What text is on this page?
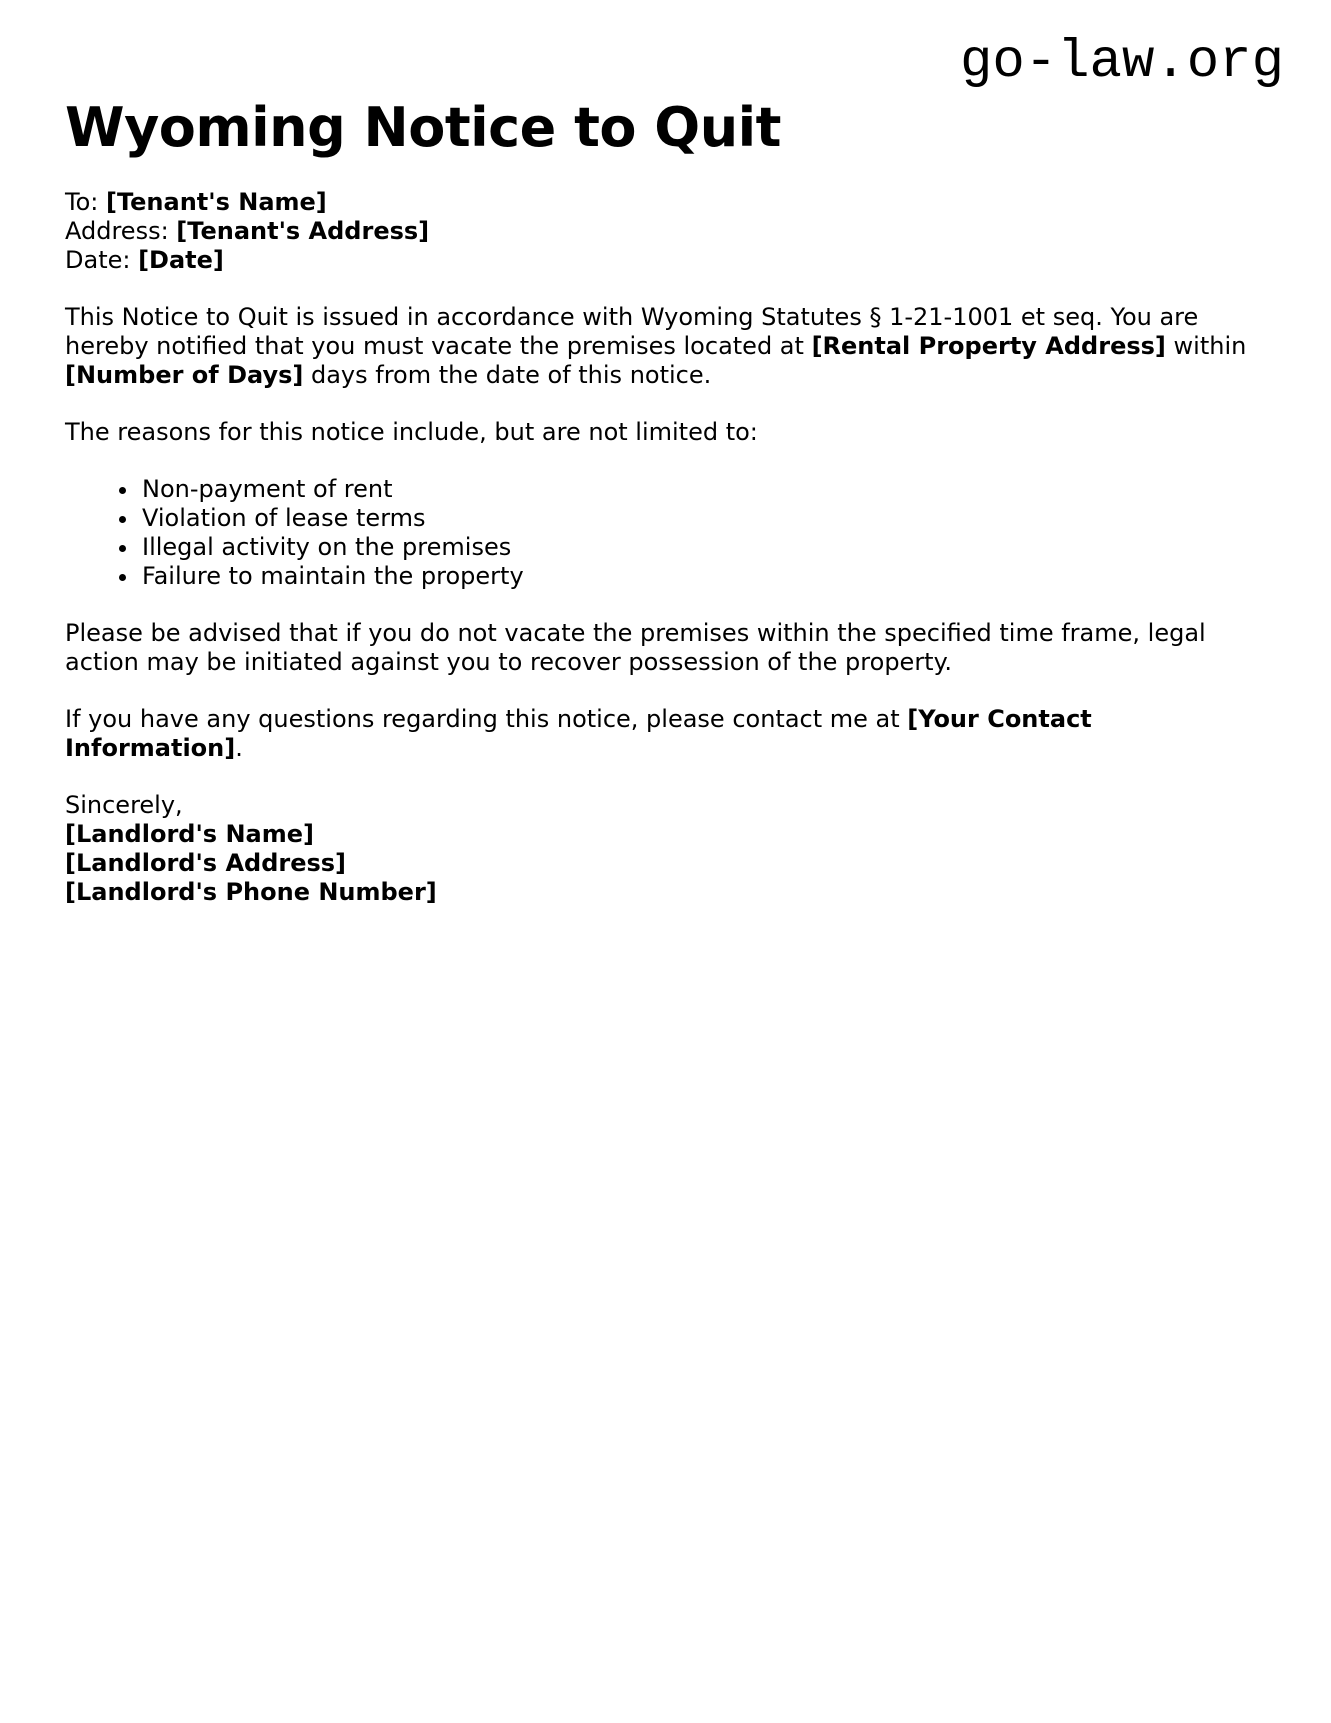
go-law.org
Wyoming Notice to Quit
To: [Tenant's Name]
Address: [Tenant's Address]
Date: [Date]

This Notice to Quit is issued in accordance with Wyoming Statutes § 1-21-1001 et seq. You are hereby notified that you must vacate the premises located at [Rental Property Address] within [Number of Days] days from the date of this notice.

The reasons for this notice include, but are not limited to:

• Non-payment of rent
• Violation of lease terms
• Illegal activity on the premises
• Failure to maintain the property

Please be advised that if you do not vacate the premises within the specified time frame, legal action may be initiated against you to recover possession of the property.

If you have any questions regarding this notice, please contact me at [Your Contact Information].

Sincerely,
[Landlord's Name]
[Landlord's Address]
[Landlord's Phone Number]
